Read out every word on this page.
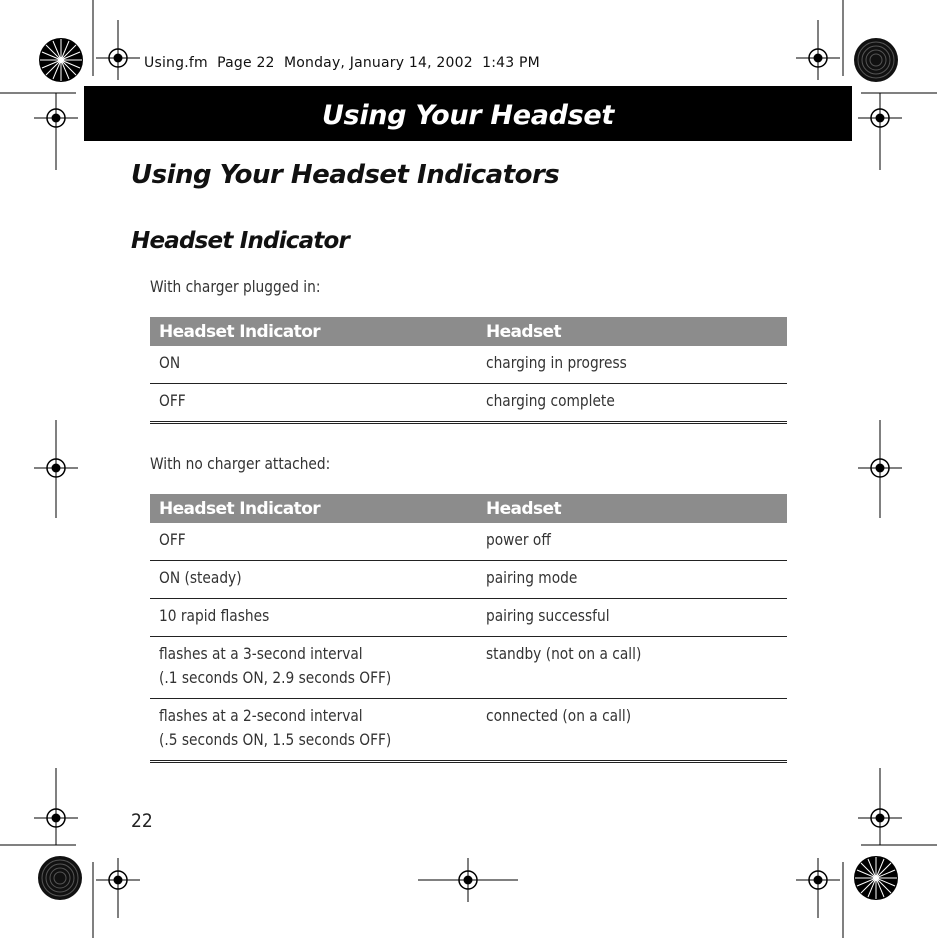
Using.fm  Page 22  Monday, January 14, 2002  1:43 PM
Using Your Headset
Using Your Headset Indicators
Headset Indicator
With charger plugged in:
Headset Indicator	Headset
ON	charging in progress
OFF	charging complete
With no charger attached:
Headset Indicator	Headset
OFF	power off
ON (steady)	pairing mode
10 rapid flashes	pairing successful
flashes at a 3-second interval
(.1 seconds ON, 2.9 seconds OFF)	standby (not on a call)
flashes at a 2-second interval
(.5 seconds ON, 1.5 seconds OFF)	connected (on a call)
22
